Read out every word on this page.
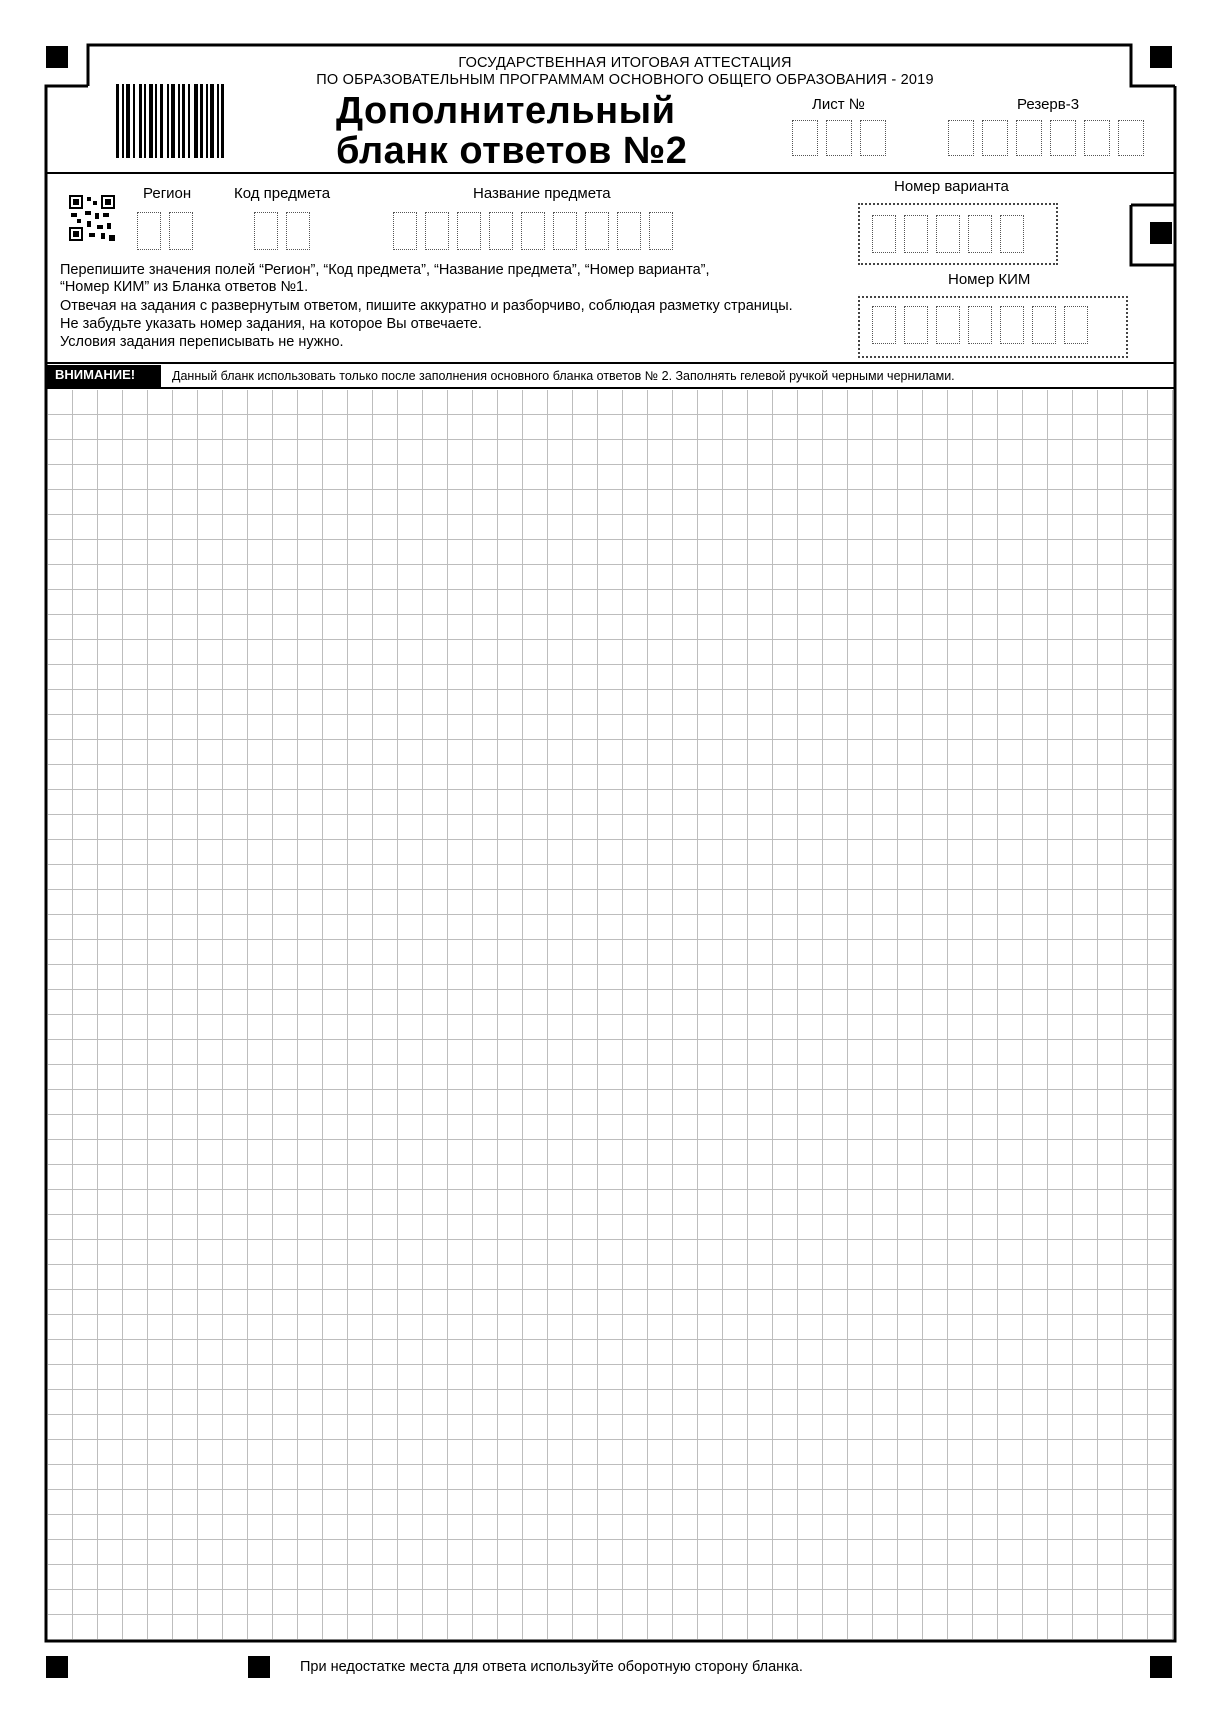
ГОСУДАРСТВЕННАЯ ИТОГОВАЯ АТТЕСТАЦИЯ
ПО ОБРАЗОВАТЕЛЬНЫМ ПРОГРАММАМ ОСНОВНОГО ОБЩЕГО ОБРАЗОВАНИЯ - 2019
Дополнительный
бланк ответов №2
Лист №	Резерв-3
Регион	Код предмета	Название предмета	Номер варианта
Номер КИМ
Перепишите значения полей “Регион”, “Код предмета”, “Название предмета”, “Номер варианта”,
“Номер КИМ” из Бланка ответов №1.
Отвечая на задания с развернутым ответом, пишите аккуратно и разборчиво, соблюдая разметку страницы.
Не забудьте указать номер задания, на которое Вы отвечаете.
Условия задания переписывать не нужно.
ВНИМАНИЕ!	Данный бланк использовать только после заполнения основного бланка ответов № 2. Заполнять гелевой ручкой черными чернилами.
При недостатке места для ответа используйте оборотную сторону бланка.
